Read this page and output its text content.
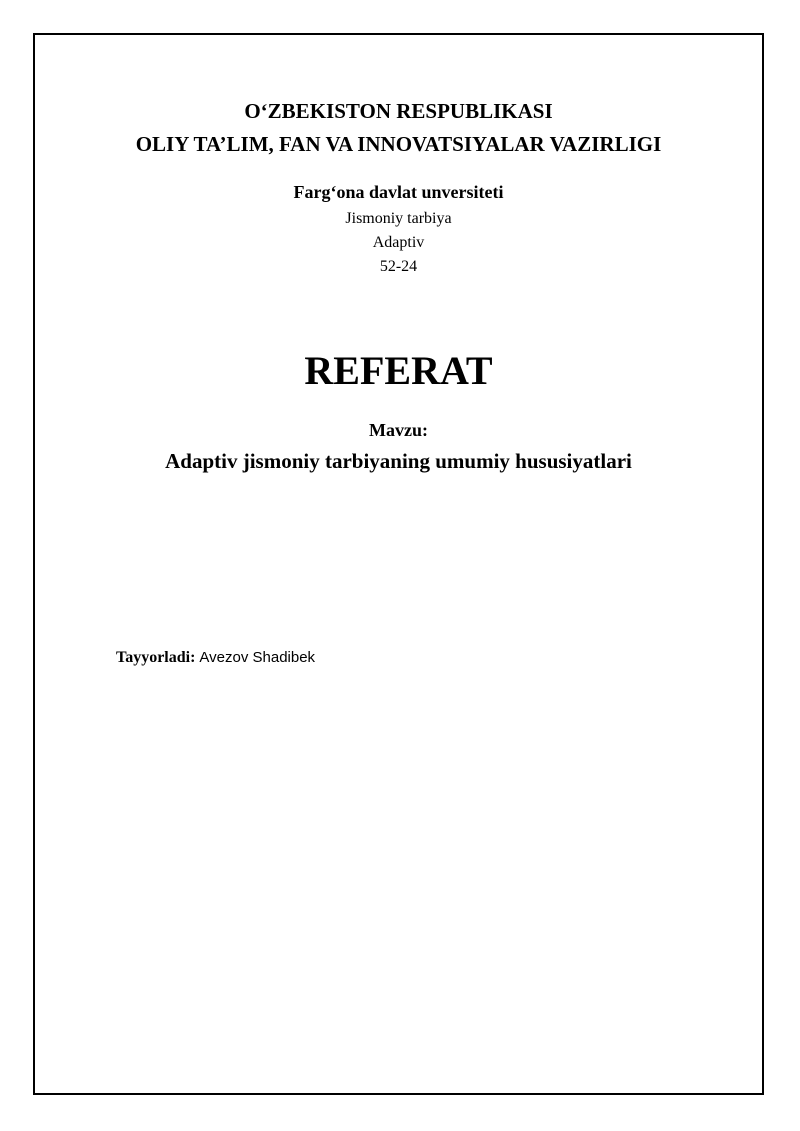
O‘ZBEKISTON RESPUBLIKASI
OLIY TA’LIM, FAN VA INNOVATSIYALAR VAZIRLIGI
Farg‘ona davlat unversiteti
Jismoniy tarbiya
Adaptiv
52-24
REFERAT
Mavzu:
Adaptiv jismoniy tarbiyaning umumiy hususіyatlari
Tayyorladi: Avezov Shadibek
